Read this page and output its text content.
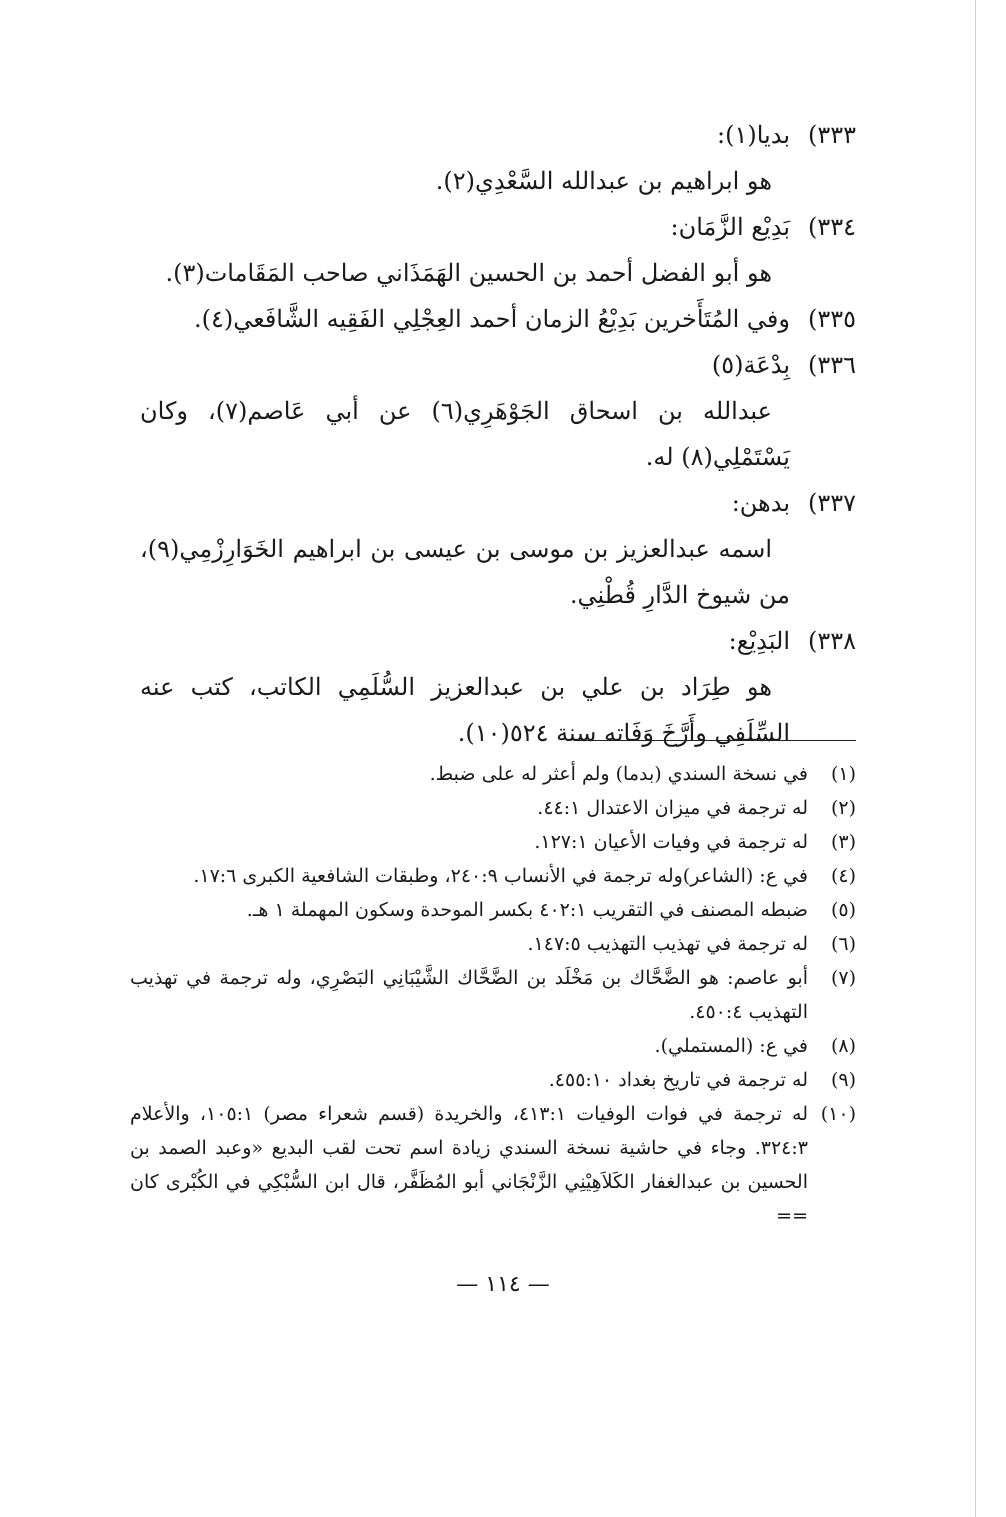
٣٣٣)
بديا(١):

هو ابراهيم بن عبدالله السَّعْدِي(٢).

٣٣٤)
بَدِيْع الزَّمَان:

هو أبو الفضل أحمد بن الحسين الهَمَذَاني صاحب المَقَامات(٣).

٣٣٥)
وفي المُتَأَخرين بَدِيْعُ الزمان أحمد العِجْلِي الفَقِيه الشَّافَعي(٤).

٣٣٦)
بِدْعَة(٥)

عبدالله بن اسحاق الجَوْهَرِي(٦) عن أبي عَاصم(٧)، وكان يَسْتَمْلِي(٨) له.

٣٣٧)
بدهن:

اسمه عبدالعزيز بن موسى بن عيسى بن ابراهيم الخَوَارِزْمِي(٩)، من شيوخ الدَّارِ قُطْنِي.

٣٣٨)
البَدِيْع:

هو طِرَاد بن علي بن عبدالعزيز السُّلَمِي الكاتب، كتب عنه السِّلَفِي وأَرَّخَ وَفَاته سنة ٥٢٤(١٠).

(١)
في نسخة السندي (بدما) ولم أعثر له على ضبط.

(٢)
له ترجمة في ميزان الاعتدال ٤٤:١.

(٣)
له ترجمة في وفيات الأعيان ١٢٧:١.

(٤)
في ع: (الشاعر)وله ترجمة في الأنساب ٢٤٠:٩، وطبقات الشافعية الكبرى ١٧:٦.

(٥)
ضبطه المصنف في التقريب ٤٠٢:١ بكسر الموحدة وسكون المهملة ١ هـ.

(٦)
له ترجمة في تهذيب التهذيب ١٤٧:٥.

(٧)
أبو عاصم: هو الضَّحَّاك بن مَخْلَد بن الضَّحَّاك الشَّيْبَانِي البَصْرِي، وله ترجمة في تهذيب التهذيب ٤٥٠:٤.

(٨)
في ع: (المستملي).

(٩)
له ترجمة في تاريخ بغداد ٤٥٥:١٠.

(١٠)
له ترجمة في فوات الوفيات ٤١٣:١، والخريدة (قسم شعراء مصر) ١٠٥:١، والأعلام ٣٢٤:٣. وجاء في حاشية نسخة السندي زيادة اسم تحت لقب البديع «وعبد الصمد بن الحسين بن عبدالغفار الكَلاَهِيْنِي الزَّنْجَاني أبو المُظَفَّر، قال ابن السُّبْكِي في الكُبْرى كان ==

— ١١٤ —
